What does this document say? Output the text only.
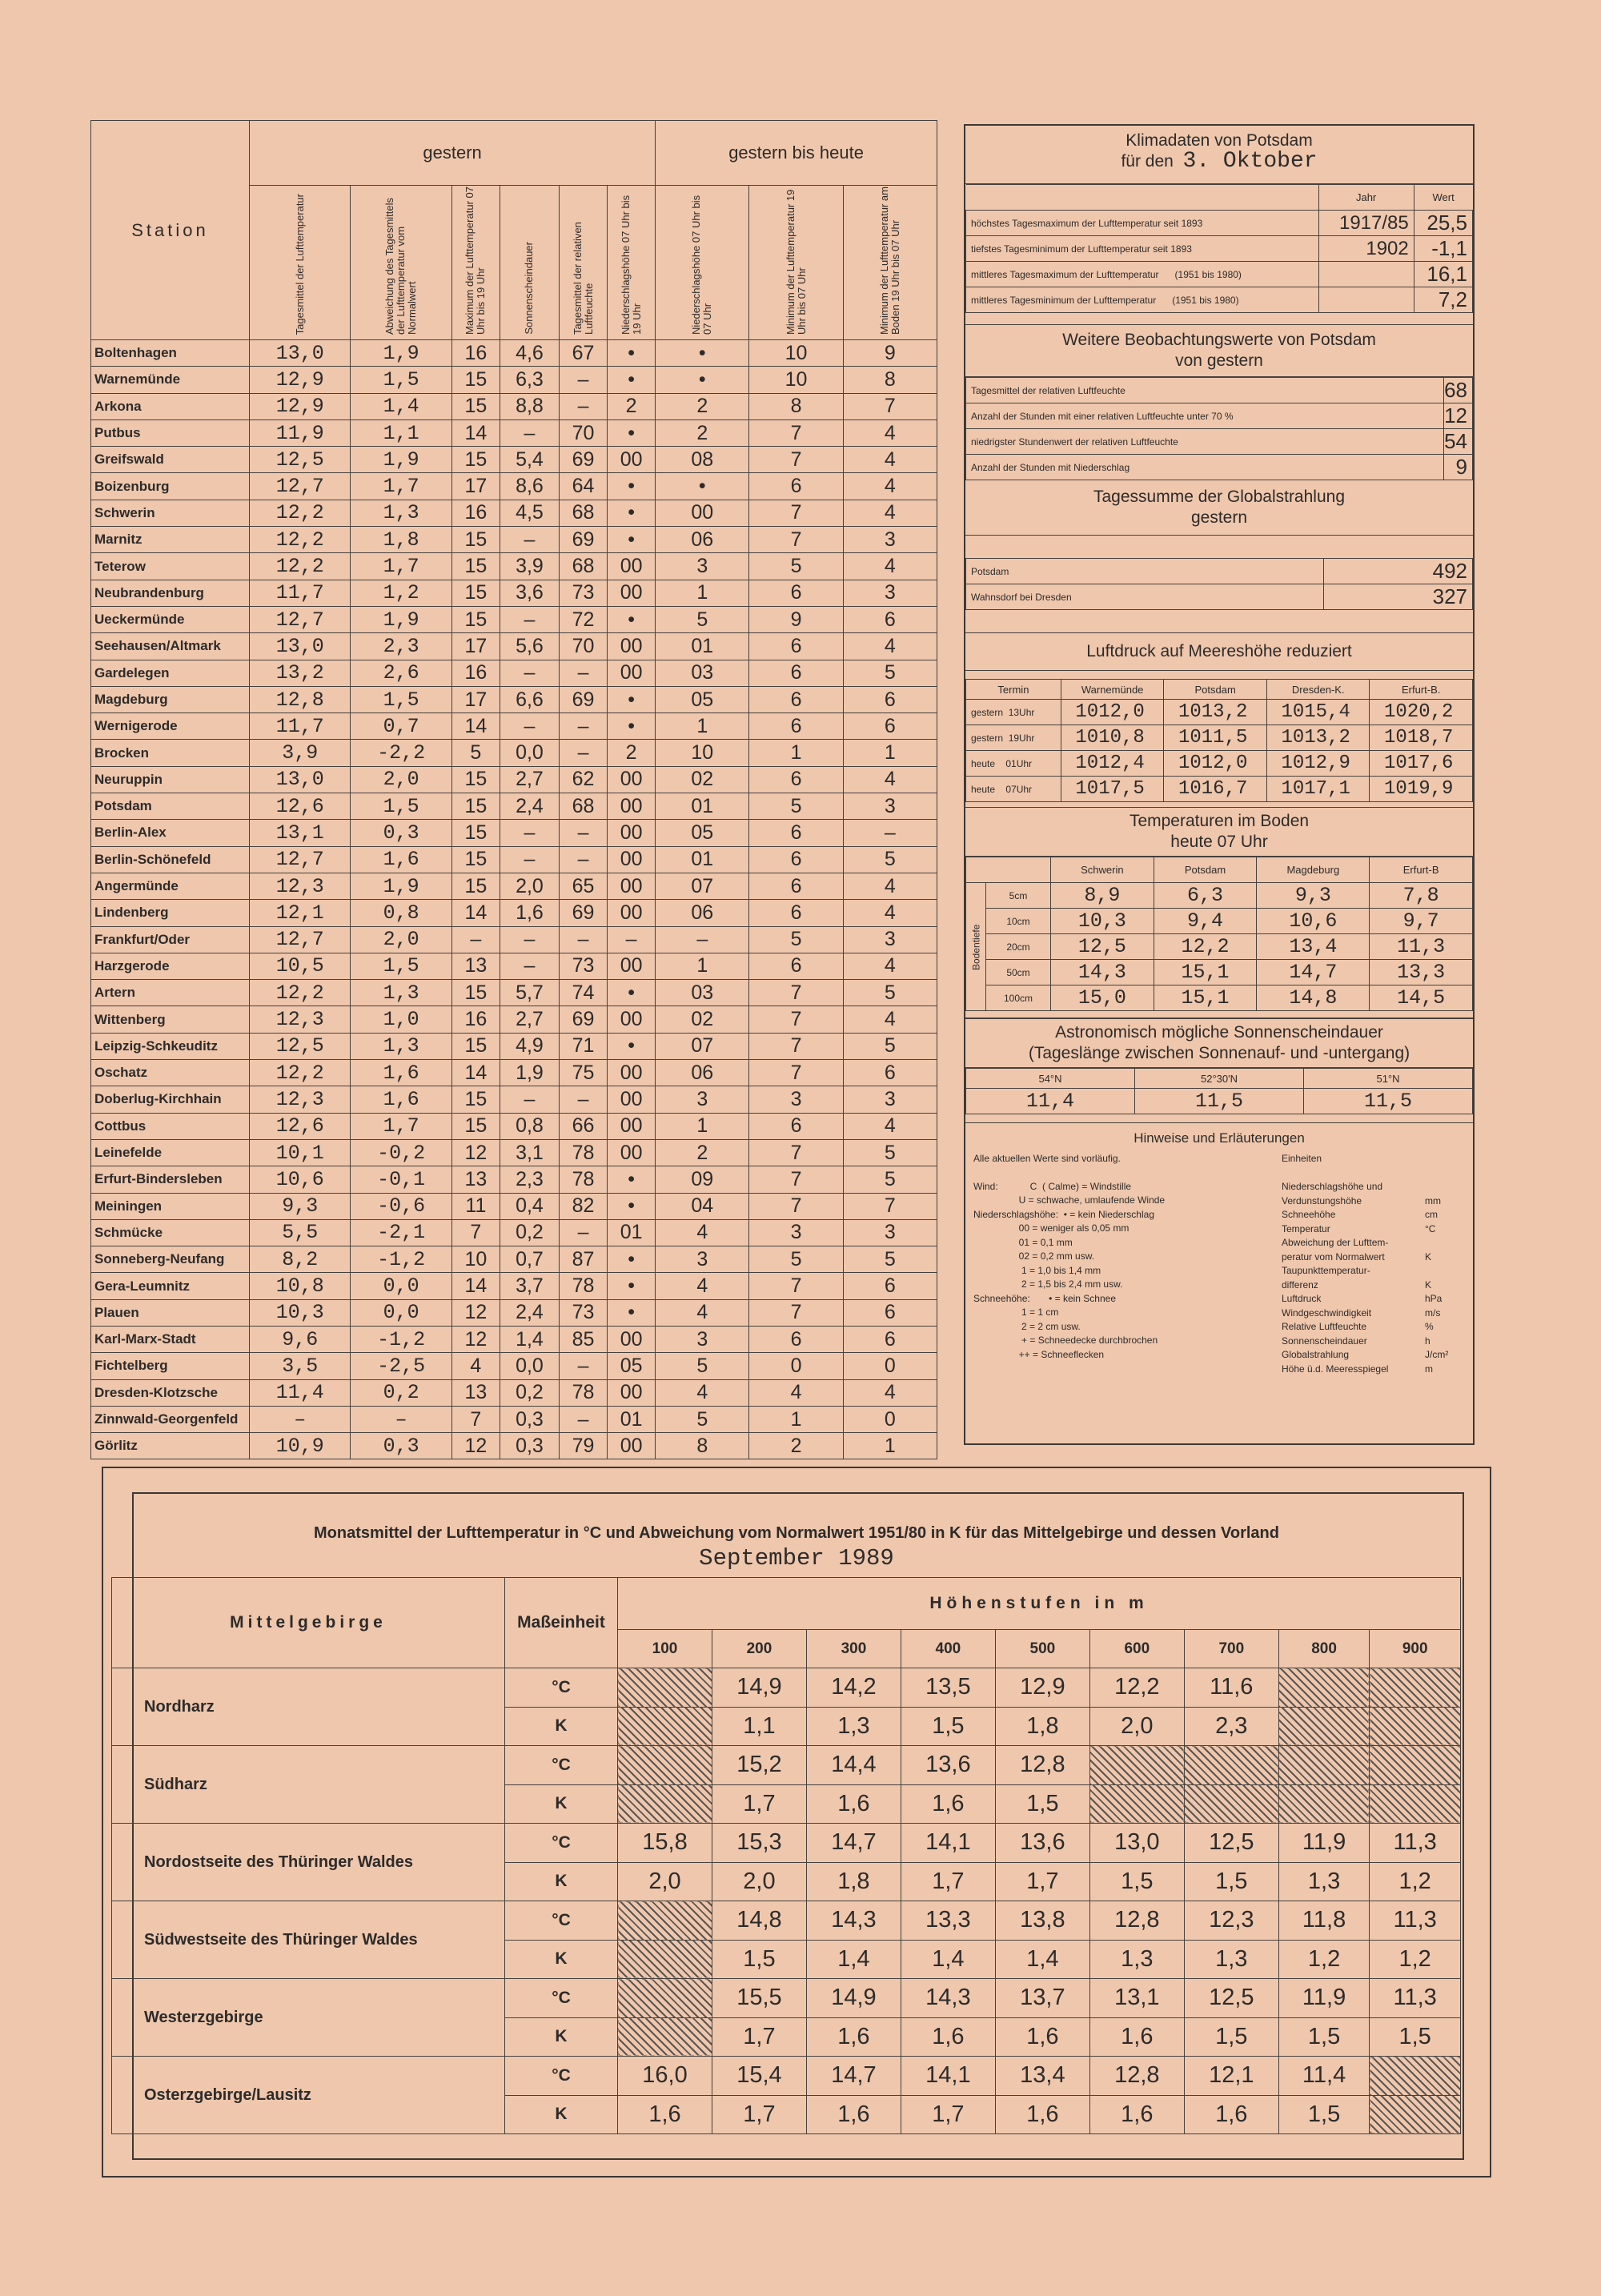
Station	gestern						gestern bis heute		

	Tagesmittel der Lufttemperatur	Abweichung des Tagesmittels der Lufttemperatur vom Normalwert	Maximum der Lufttemperatur 07 Uhr bis 19 Uhr	Sonnenscheindauer	Tagesmittel der relativen Luftfeuchte	Niederschlagshöhe 07 Uhr bis 19 Uhr	Niederschlagshöhe 07 Uhr bis 07 Uhr	Minimum der Lufttemperatur 19 Uhr bis 07 Uhr	Minimum der Lufttemperatur am Boden 19 Uhr bis 07 Uhr

Boltenhagen	13,0	1,9	16	4,6	67	•	•	10	9
Warnemünde	12,9	1,5	15	6,3	–	•	•	10	8
Arkona	12,9	1,4	15	8,8	–	2	2	8	7
Putbus	11,9	1,1	14	–	70	•	2	7	4
Greifswald	12,5	1,9	15	5,4	69	00	08	7	4
Boizenburg	12,7	1,7	17	8,6	64	•	•	6	4
Schwerin	12,2	1,3	16	4,5	68	•	00	7	4
Marnitz	12,2	1,8	15	–	69	•	06	7	3
Teterow	12,2	1,7	15	3,9	68	00	3	5	4
Neubrandenburg	11,7	1,2	15	3,6	73	00	1	6	3
Ueckermünde	12,7	1,9	15	–	72	•	5	9	6
Seehausen/Altmark	13,0	2,3	17	5,6	70	00	01	6	4
Gardelegen	13,2	2,6	16	–	–	00	03	6	5
Magdeburg	12,8	1,5	17	6,6	69	•	05	6	6
Wernigerode	11,7	0,7	14	–	–	•	1	6	6
Brocken	3,9	-2,2	5	0,0	–	2	10	1	1
Neuruppin	13,0	2,0	15	2,7	62	00	02	6	4
Potsdam	12,6	1,5	15	2,4	68	00	01	5	3
Berlin-Alex	13,1	0,3	15	–	–	00	05	6	–
Berlin-Schönefeld	12,7	1,6	15	–	–	00	01	6	5
Angermünde	12,3	1,9	15	2,0	65	00	07	6	4
Lindenberg	12,1	0,8	14	1,6	69	00	06	6	4
Frankfurt/Oder	12,7	2,0	–	–	–	–	–	5	3
Harzgerode	10,5	1,5	13	–	73	00	1	6	4
Artern	12,2	1,3	15	5,7	74	•	03	7	5
Wittenberg	12,3	1,0	16	2,7	69	00	02	7	4
Leipzig-Schkeuditz	12,5	1,3	15	4,9	71	•	07	7	5
Oschatz	12,2	1,6	14	1,9	75	00	06	7	6
Doberlug-Kirchhain	12,3	1,6	15	–	–	00	3	3	3
Cottbus	12,6	1,7	15	0,8	66	00	1	6	4
Leinefelde	10,1	-0,2	12	3,1	78	00	2	7	5
Erfurt-Bindersleben	10,6	-0,1	13	2,3	78	•	09	7	5
Meiningen	9,3	-0,6	11	0,4	82	•	04	7	7
Schmücke	5,5	-2,1	7	0,2	–	01	4	3	3
Sonneberg-Neufang	8,2	-1,2	10	0,7	87	•	3	5	5
Gera-Leumnitz	10,8	0,0	14	3,7	78	•	4	7	6
Plauen	10,3	0,0	12	2,4	73	•	4	7	6
Karl-Marx-Stadt	9,6	-1,2	12	1,4	85	00	3	6	6
Fichtelberg	3,5	-2,5	4	0,0	–	05	5	0	0
Dresden-Klotzsche	11,4	0,2	13	0,2	78	00	4	4	4
Zinnwald-Georgenfeld	–	–	7	0,3	–	01	5	1	0
Görlitz	10,9	0,3	12	0,3	79	00	8	2	1
Klimadaten von Potsdam
für den 3. Oktober
	Jahr	Wert
höchstes Tagesmaximum der Lufttemperatur seit 1893	1917/85	25,5
tiefstes Tagesminimum der Lufttemperatur seit 1893	1902	-1,1
mittleres Tagesmaximum der Lufttemperatur      (1951 bis 1980)		16,1
mittleres Tagesminimum der Lufttemperatur      (1951 bis 1980)		7,2
Weitere Beobachtungswerte von Potsdam
von gestern
Tagesmittel der relativen Luftfeuchte	68
Anzahl der Stunden mit einer relativen Luftfeuchte unter 70 %	12
niedrigster Stundenwert der relativen Luftfeuchte	54
Anzahl der Stunden mit Niederschlag	9
Tagessumme der Globalstrahlung
gestern
Potsdam	492
Wahnsdorf bei Dresden	327
Luftdruck auf Meereshöhe reduziert
Termin	Warnemünde	Potsdam	Dresden-K.	Erfurt-B.
gestern  13Uhr	1012,0	1013,2	1015,4	1020,2
gestern  19Uhr	1010,8	1011,5	1013,2	1018,7
heute    01Uhr	1012,4	1012,0	1012,9	1017,6
heute    07Uhr	1017,5	1016,7	1017,1	1019,9
Temperaturen im Boden
heute 07 Uhr
		Schwerin	Potsdam	Magdeburg	Erfurt-B
Bodentiefe	5cm	8,9	6,3	9,3	7,8
	10cm	10,3	9,4	10,6	9,7
	20cm	12,5	12,2	13,4	11,3
	50cm	14,3	15,1	14,7	13,3
	100cm	15,0	15,1	14,8	14,5
Astronomisch mögliche Sonnenscheindauer
(Tageslänge zwischen Sonnenauf- und -untergang)
54°N	52°30'N	51°N
11,4	11,5	11,5
Hinweise und Erläuterungen
Alle aktuellen Werte sind vorläufig.
Wind:            C  ( Calme) = Windstille
U = schwache, umlaufende Winde
Niederschlagshöhe:  • = kein Niederschlag
00 = weniger als 0,05 mm
01 = 0,1 mm
02 = 0,2 mm usw.
1 = 1,0 bis 1,4 mm
2 = 1,5 bis 2,4 mm usw.
Schneehöhe:       • = kein Schnee
1 = 1 cm
2 = 2 cm usw.
+ = Schneedecke durchbrochen
++ = Schneeflecken
Einheiten

Niederschlagshöhe und
Verdunstungshöhe	mm
Schneehöhe	cm
Temperatur	°C
Abweichung der Lufttem-
peratur vom Normalwert	K
Taupunkttemperatur-
differenz	K
Luftdruck	hPa
Windgeschwindigkeit	m/s
Relative Luftfeuchte	%
Sonnenscheindauer	h
Globalstrahlung	J/cm²
Höhe ü.d. Meeresspiegel	m
Monatsmittel der Lufttemperatur in °C und Abweichung vom Normalwert 1951/80 in K für das Mittelgebirge und dessen Vorland
September 1989
Mittelgebirge	Maßeinheit	Höhenstufen in m								
		100	200	300	400	500	600	700	800	900
Nordharz	°C		14,9	14,2	13,5	12,9	12,2	11,6		
	K		1,1	1,3	1,5	1,8	2,0	2,3		
Südharz	°C		15,2	14,4	13,6	12,8				
	K		1,7	1,6	1,6	1,5				
Nordostseite des Thüringer Waldes	°C	15,8	15,3	14,7	14,1	13,6	13,0	12,5	11,9	11,3
	K	2,0	2,0	1,8	1,7	1,7	1,5	1,5	1,3	1,2
Südwestseite des Thüringer Waldes	°C		14,8	14,3	13,3	13,8	12,8	12,3	11,8	11,3
	K		1,5	1,4	1,4	1,4	1,3	1,3	1,2	1,2
Westerzgebirge	°C		15,5	14,9	14,3	13,7	13,1	12,5	11,9	11,3
	K		1,7	1,6	1,6	1,6	1,6	1,5	1,5	1,5
Osterzgebirge/Lausitz	°C	16,0	15,4	14,7	14,1	13,4	12,8	12,1	11,4	
	K	1,6	1,7	1,6	1,7	1,6	1,6	1,6	1,5	
